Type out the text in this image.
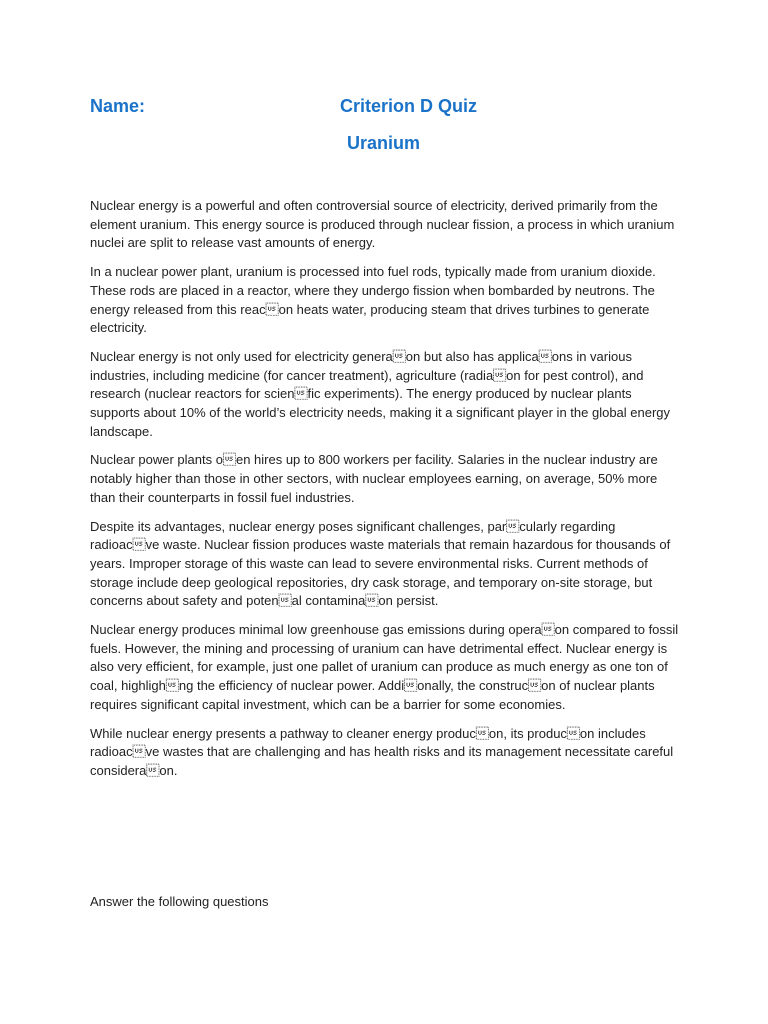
Name:	Criterion D Quiz
Uranium

Nuclear energy is a powerful and often controversial source of electricity, derived primarily from the element uranium. This energy source is produced through nuclear fission, a process in which uranium nuclei are split to release vast amounts of energy.

In a nuclear power plant, uranium is processed into fuel rods, typically made from uranium dioxide. These rods are placed in a reactor, where they undergo fission when bombarded by neutrons. The energy released from this reacon heats water, producing steam that drives turbines to generate electricity.

Nuclear energy is not only used for electricity generaon but also has applicaons in various industries, including medicine (for cancer treatment), agriculture (radiaon for pest control), and research (nuclear reactors for scienfic experiments). The energy produced by nuclear plants supports about 10% of the world’s electricity needs, making it a significant player in the global energy landscape.

Nuclear power plants oen hires up to 800 workers per facility. Salaries in the nuclear industry are notably higher than those in other sectors, with nuclear employees earning, on average, 50% more than their counterparts in fossil fuel industries.

Despite its advantages, nuclear energy poses significant challenges, parcularly regarding radioacve waste. Nuclear fission produces waste materials that remain hazardous for thousands of years. Improper storage of this waste can lead to severe environmental risks. Current methods of storage include deep geological repositories, dry cask storage, and temporary on-site storage, but concerns about safety and potenal contaminaon persist.

Nuclear energy produces minimal low greenhouse gas emissions during operaon compared to fossil fuels. However, the mining and processing of uranium can have detrimental effect. Nuclear energy is also very efficient, for example, just one pallet of uranium can produce as much energy as one ton of coal, highlighng the efficiency of nuclear power. Addionally, the construcon of nuclear plants requires significant capital investment, which can be a barrier for some economies.

While nuclear energy presents a pathway to cleaner energy producon, its producon includes radioacve wastes that are challenging and has health risks and its management necessitate careful consideraon.

Answer the following questions
